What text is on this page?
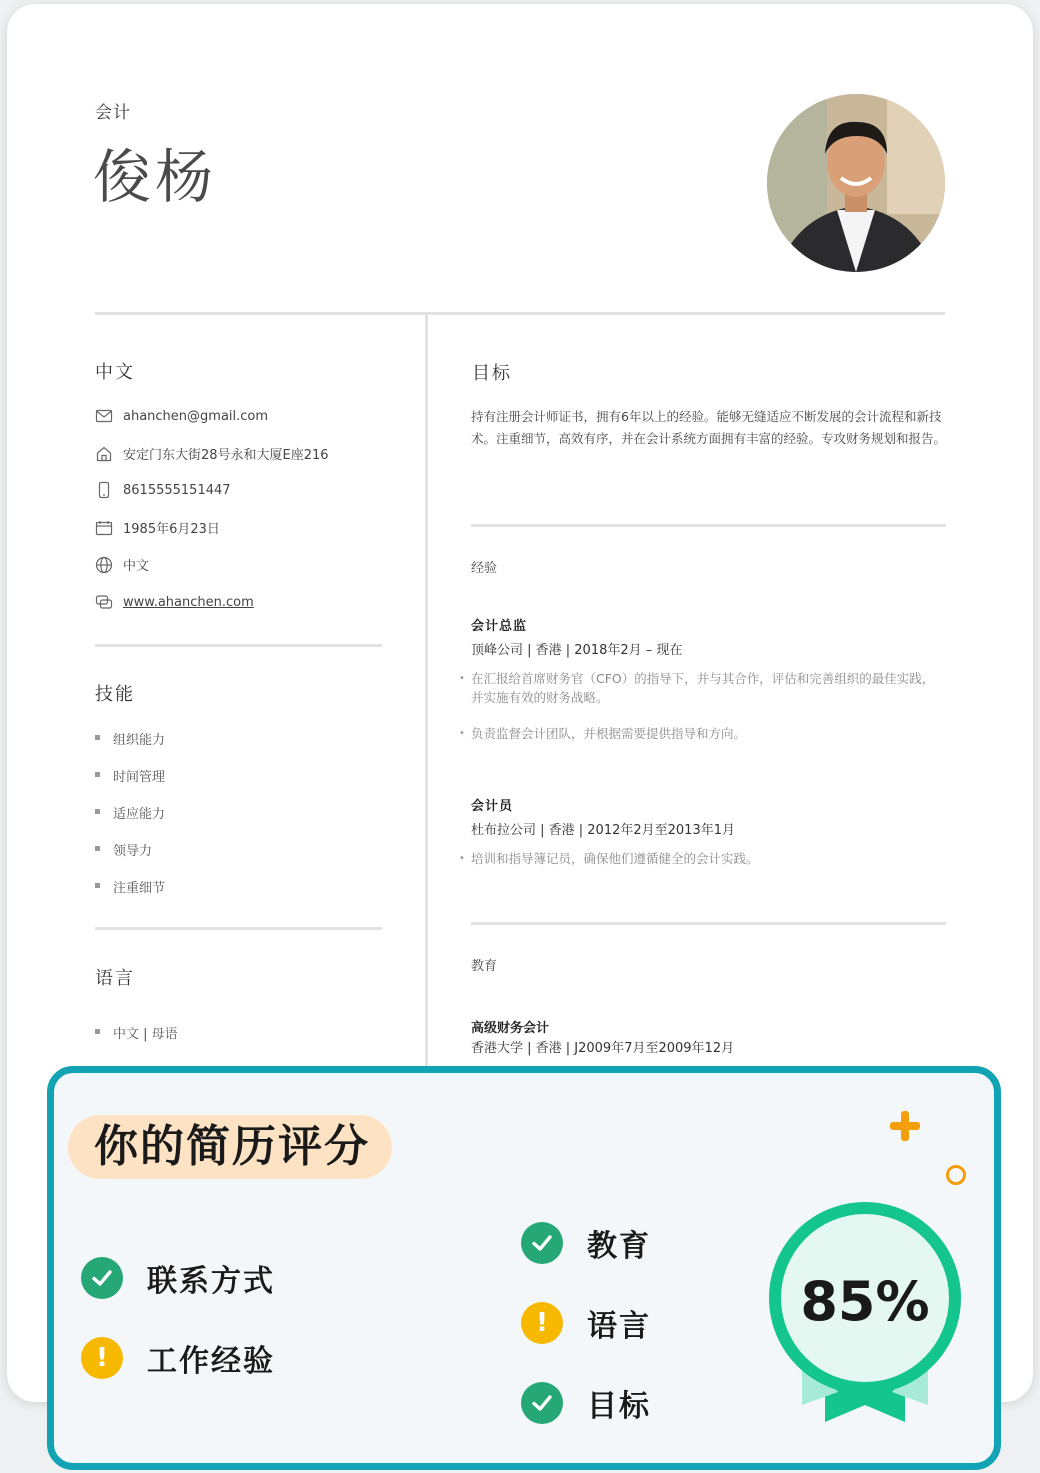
会计
俊杨
中文
ahanchen@gmail.com
安定门东大街28号永和大厦E座216
8615555151447
1985年6月23日
中文
www.ahanchen.com
技能
组织能力
时间管理
适应能力
领导力
注重细节
语言
中文 | 母语
目标
持有注册会计师证书，拥有6年以上的经验。能够无缝适应不断发展的会计流程和新技术。注重细节，高效有序，并在会计系统方面拥有丰富的经验。专攻财务规划和报告。
经验
会计总监
顶峰公司 | 香港 | 2018年2月 – 现在
• 在汇报给首席财务官（CFO）的指导下，并与其合作，评估和完善组织的最佳实践，并实施有效的财务战略。
• 负责监督会计团队，并根据需要提供指导和方向。
会计员
杜布拉公司 | 香港 | 2012年2月至2013年1月
• 培训和指导簿记员，确保他们遵循健全的会计实践。
教育
高级财务会计
香港大学 | 香港 | J2009年7月至2009年12月
你的简历评分
联系方式
!	工作经验
教育
!	语言
目标
85%
